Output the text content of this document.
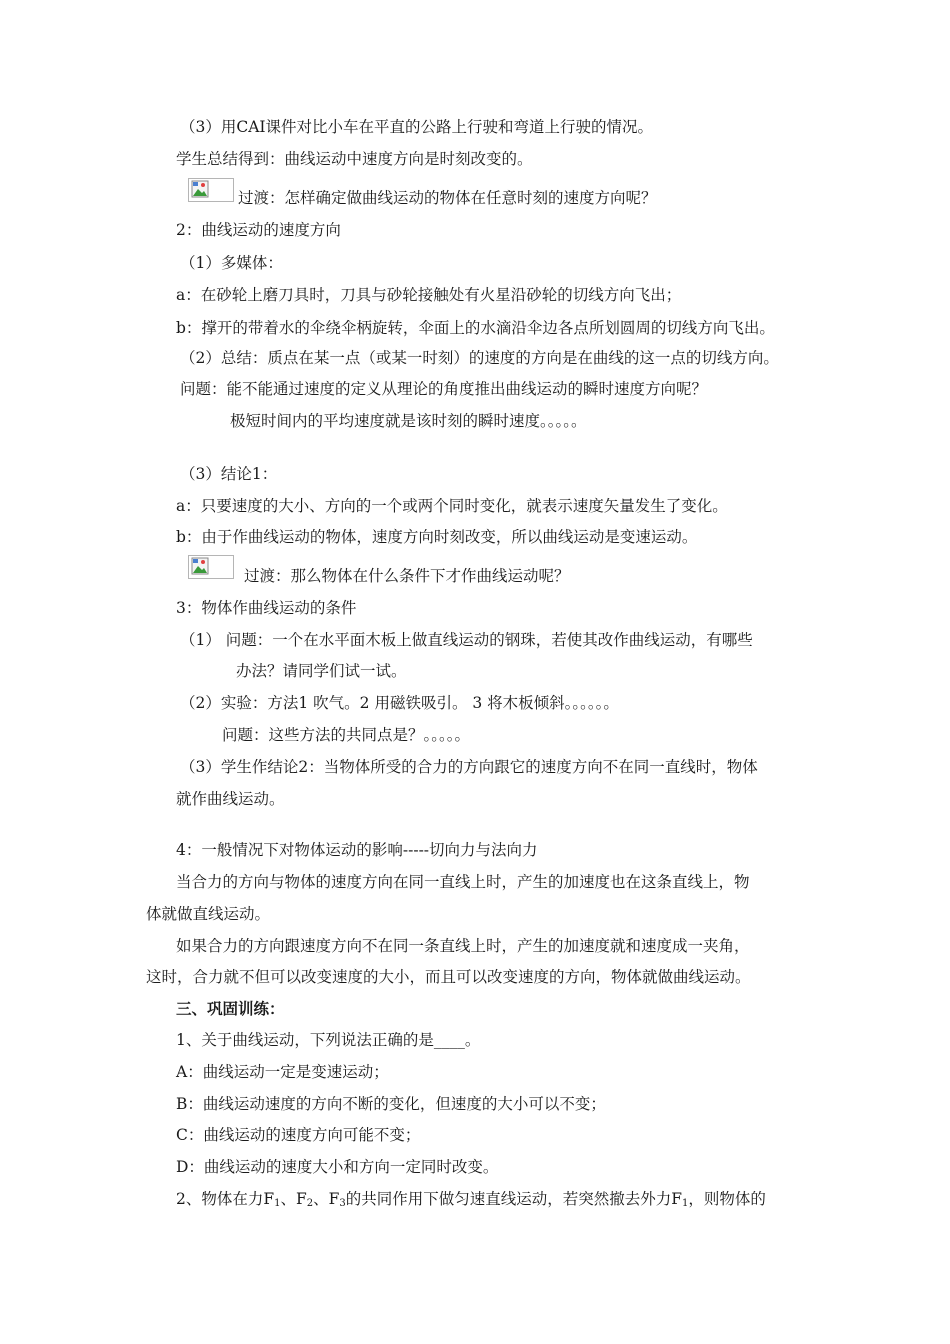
（3）用CAI课件对比小车在平直的公路上行驶和弯道上行驶的情况。
学生总结得到：曲线运动中速度方向是时刻改变的。
过渡：怎样确定做曲线运动的物体在任意时刻的速度方向呢？
2：曲线运动的速度方向
（1）多媒体：
a：在砂轮上磨刀具时，刀具与砂轮接触处有火星沿砂轮的切线方向飞出；
b：撑开的带着水的伞绕伞柄旋转，伞面上的水滴沿伞边各点所划圆周的切线方向飞出。
（2）总结：质点在某一点（或某一时刻）的速度的方向是在曲线的这一点的切线方向。
问题：能不能通过速度的定义从理论的角度推出曲线运动的瞬时速度方向呢？
极短时间内的平均速度就是该时刻的瞬时速度。。。。。
（3）结论1：
a：只要速度的大小、方向的一个或两个同时变化，就表示速度矢量发生了变化。
b：由于作曲线运动的物体，速度方向时刻改变，所以曲线运动是变速运动。
过渡：那么物体在什么条件下才作曲线运动呢？
3：物体作曲线运动的条件
（1） 问题：一个在水平面木板上做直线运动的钢珠，若使其改作曲线运动，有哪些
办法？请同学们试一试。
（2）实验：方法1 吹气。2 用磁铁吸引。 3 将木板倾斜。。。。。。
问题：这些方法的共同点是？。。。。。
（3）学生作结论2：当物体所受的合力的方向跟它的速度方向不在同一直线时，物体
就作曲线运动。
4：一般情况下对物体运动的影响-----切向力与法向力
当合力的方向与物体的速度方向在同一直线上时，产生的加速度也在这条直线上，物
体就做直线运动。
如果合力的方向跟速度方向不在同一条直线上时，产生的加速度就和速度成一夹角，
这时，合力就不但可以改变速度的大小，而且可以改变速度的方向，物体就做曲线运动。
三、巩固训练：
1、关于曲线运动，下列说法正确的是____。
A：曲线运动一定是变速运动；
B：曲线运动速度的方向不断的变化，但速度的大小可以不变；
C：曲线运动的速度方向可能不变；
D：曲线运动的速度大小和方向一定同时改变。
2、物体在力$F_1$、$F_2$、$F_3$的共同作用下做匀速直线运动，若突然撤去外力$F_1$，则物体的
